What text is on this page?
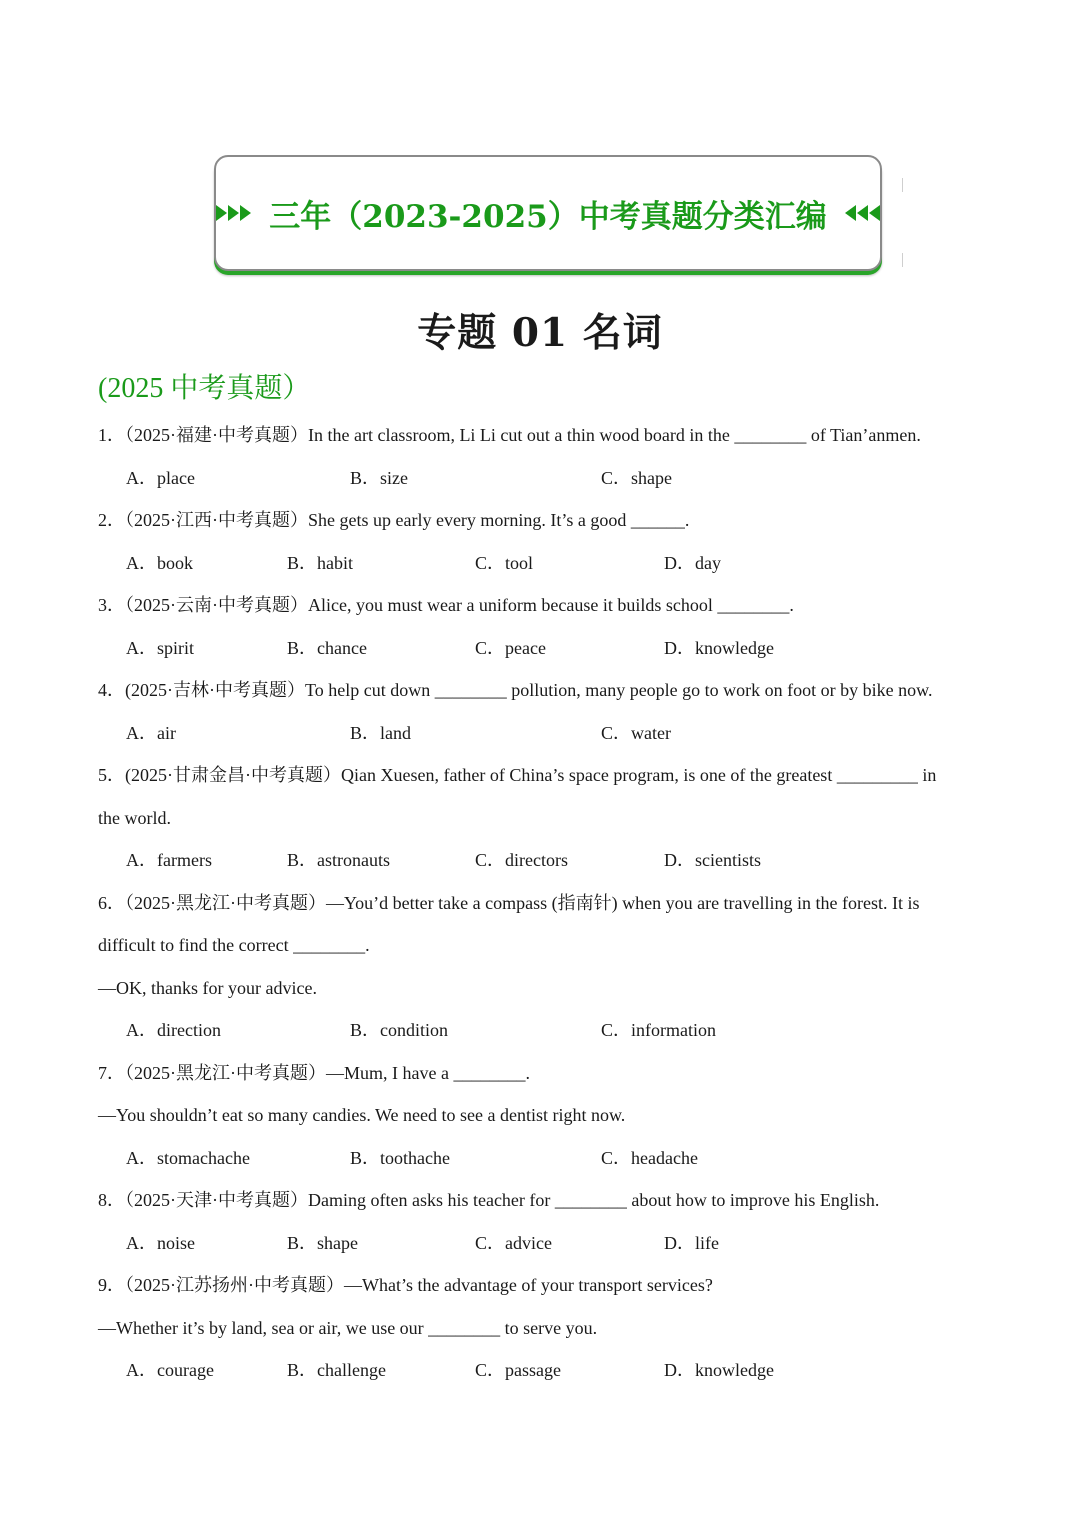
三年（2023-2025）中考真题分类汇编
专题 01 名词
(2025 中考真题）
1．（2025·福建·中考真题）In the art classroom, Li Li cut out a thin wood board in the ________ of Tian’anmen.
A．place	B．size	C．shape
2．（2025·江西·中考真题）She gets up early every morning. It’s a good ______.
A．book	B．habit	C．tool	D．day
3．（2025·云南·中考真题）Alice, you must wear a uniform because it builds school ________.
A．spirit	B．chance	C．peace	D．knowledge
4．(2025·吉林·中考真题）To help cut down ________ pollution, many people go to work on foot or by bike now.
A．air	B．land	C．water
5．(2025·甘肃金昌·中考真题）Qian Xuesen, father of China’s space program, is one of the greatest _________ in
the world.
A．farmers	B．astronauts	C．directors	D．scientists
6．（2025·黑龙江·中考真题）—You’d better take a compass (指南针) when you are travelling in the forest. It is
difficult to find the correct ________.
—OK, thanks for your advice.
A．direction	B．condition	C．information
7．（2025·黑龙江·中考真题）—Mum, I have a ________.
—You shouldn’t eat so many candies. We need to see a dentist right now.
A．stomachache	B．toothache	C．headache
8．（2025·天津·中考真题）Daming often asks his teacher for ________ about how to improve his English.
A．noise	B．shape	C．advice	D．life
9．（2025·江苏扬州·中考真题）—What’s the advantage of your transport services?
—Whether it’s by land, sea or air, we use our ________ to serve you.
A．courage	B．challenge	C．passage	D．knowledge
